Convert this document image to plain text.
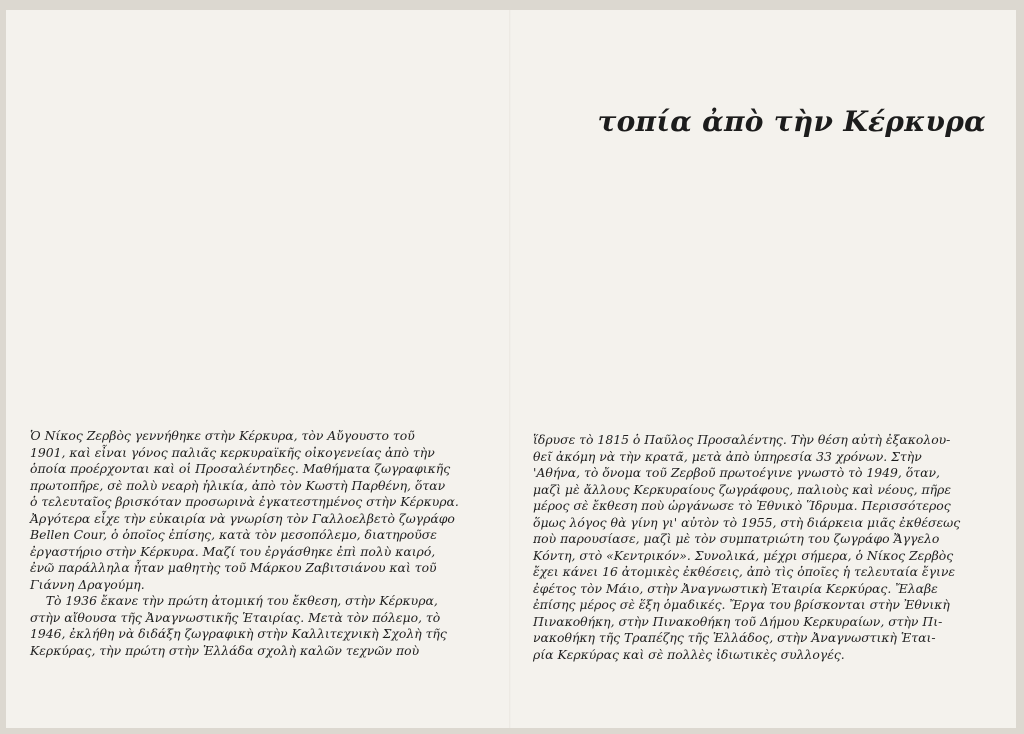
Ὁ Νίκος Ζερβὸς γεννήθηκε στὴν Κέρκυρα, τὸν Αὔγουστο τοῦ
1901, καὶ εἶναι γόνος παλιᾶς κερκυραϊκῆς οἰκογενείας ἀπὸ τὴν
ὁποία προέρχονται καὶ οἱ Προσαλέντηδες. Μαθήματα ζωγραφικῆς
πρωτοπῆρε, σὲ πολὺ νεαρὴ ἡλικία, ἀπὸ τὸν Κωστὴ Παρθένη, ὅταν
ὁ τελευταῖος βρισκόταν προσωρινὰ ἐγκατεστημένος στὴν Κέρκυρα.
Ἀργότερα εἶχε τὴν εὐκαιρία νὰ γνωρίση τὸν Γαλλοελβετὸ ζωγράφο
Bellen Cour, ὁ ὁποῖος ἐπίσης, κατὰ τὸν μεσοπόλεμο, διατηροῦσε
ἐργαστήριο στὴν Κέρκυρα. Μαζί του ἐργάσθηκε ἐπὶ πολὺ καιρό,
ἐνῶ παράλληλα ἦταν μαθητὴς τοῦ Μάρκου Ζαβιτσιάνου καὶ τοῦ
Γιάννη Δραγούμη.
Τὸ 1936 ἔκανε τὴν πρώτη ἀτομική του ἔκθεση, στὴν Κέρκυρα,
στὴν αἴθουσα τῆς Ἀναγνωστικῆς Ἑταιρίας. Μετὰ τὸν πόλεμο, τὸ
1946, ἐκλήθη νὰ διδάξη ζωγραφικὴ στὴν Καλλιτεχνικὴ Σχολὴ τῆς
Κερκύρας, τὴν πρώτη στὴν Ἑλλάδα σχολὴ καλῶν τεχνῶν ποὺ

τοπία ἀπὸ τὴν Κέρκυρα

ἵδρυσε τὸ 1815 ὁ Παῦλος Προσαλέντης. Τὴν θέση αὐτὴ ἐξακολου-
θεῖ ἀκόμη νὰ τὴν κρατᾶ, μετὰ ἀπὸ ὑπηρεσία 33 χρόνων. Στὴν
'Αθήνα, τὸ ὄνομα τοῦ Ζερβοῦ πρωτοέγινε γνωστὸ τὸ 1949, ὅταν,
μαζὶ μὲ ἄλλους Κερκυραίους ζωγράφους, παλιοὺς καὶ νέους, πῆρε
μέρος σὲ ἔκθεση ποὺ ὠργάνωσε τὸ Ἐθνικὸ Ἵδρυμα. Περισσότερος
ὅμως λόγος θὰ γίνη γι' αὐτὸν τὸ 1955, στὴ διάρκεια μιᾶς ἐκθέσεως
ποὺ παρουσίασε, μαζὶ μὲ τὸν συμπατριώτη του ζωγράφο Ἄγγελο
Κόντη, στὸ «Κεντρικόν». Συνολικά, μέχρι σήμερα, ὁ Νίκος Ζερβὸς
ἔχει κάνει 16 ἀτομικὲς ἐκθέσεις, ἀπὸ τὶς ὁποῖες ἡ τελευταία ἔγινε
ἐφέτος τὸν Μάιο, στὴν Ἀναγνωστικὴ Ἑταιρία Κερκύρας. Ἔλαβε
ἐπίσης μέρος σὲ ἕξη ὁμαδικές. Ἔργα του βρίσκονται στὴν Ἐθνικὴ
Πινακοθήκη, στὴν Πινακοθήκη τοῦ Δήμου Κερκυραίων, στὴν Πι-
νακοθήκη τῆς Τραπέζης τῆς Ἑλλάδος, στὴν Ἀναγνωστικὴ Ἑται-
ρία Κερκύρας καὶ σὲ πολλὲς ἰδιωτικὲς συλλογές.
